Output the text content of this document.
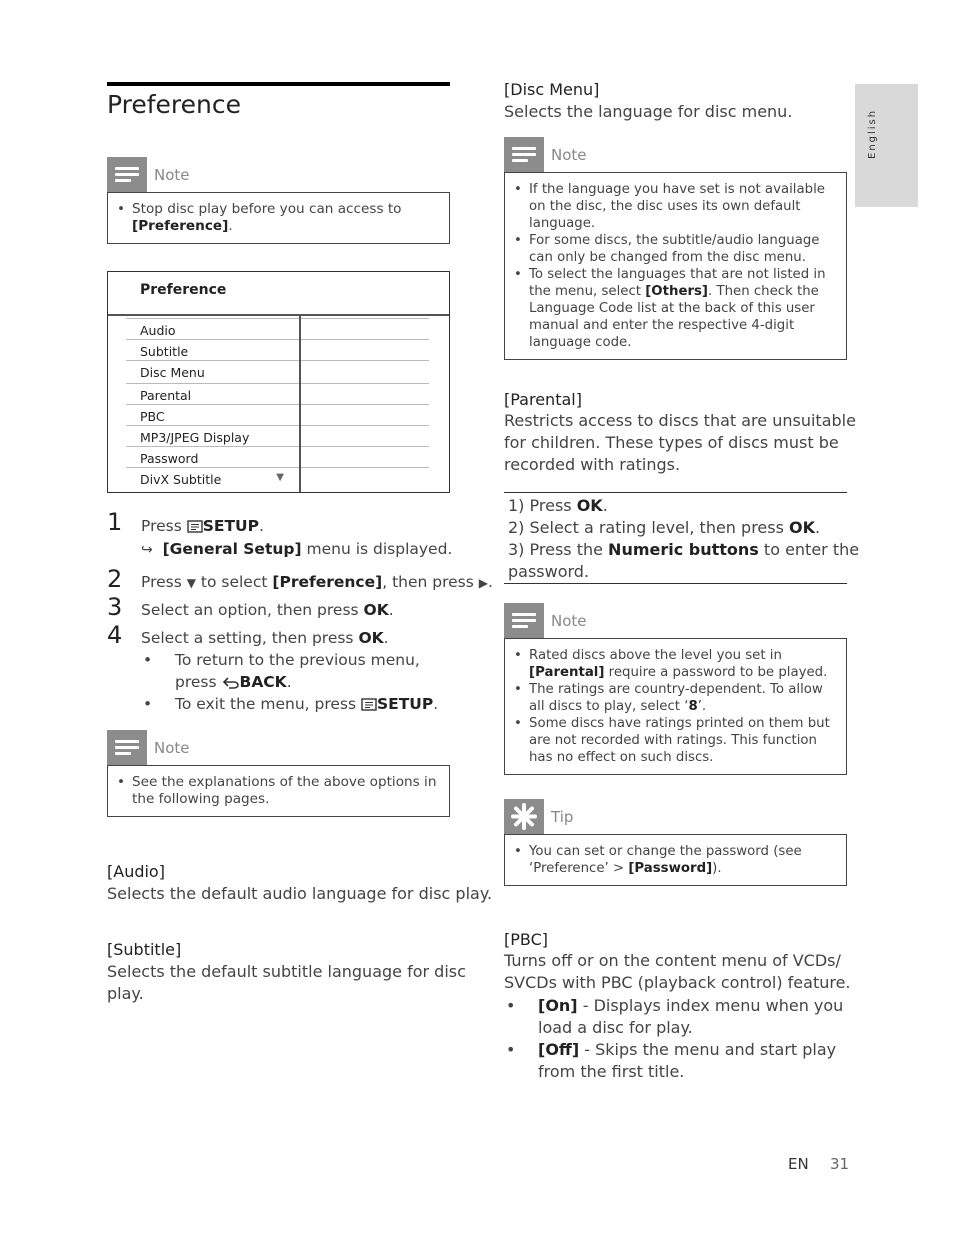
English
Preference
Note
• Stop disc play before you can access to [Preference].
Preference
Audio
Subtitle
Disc Menu
Parental
PBC
MP3/JPEG Display
Password
DivX Subtitle	▼
1 Press SETUP.
↪ [General Setup] menu is displayed.
2 Press ▼ to select [Preference], then press ▶.
3 Select an option, then press OK.
4 Select a setting, then press OK.
• To return to the previous menu,
press BACK.
• To exit the menu, press SETUP.
Note
• See the explanations of the above options in the following pages.
[Audio]
Selects the default audio language for disc play.
[Subtitle]
Selects the default subtitle language for disc
play.
[Disc Menu]
Selects the language for disc menu.
Note
• If the language you have set is not available on the disc, the disc uses its own default language.
• For some discs, the subtitle/audio language can only be changed from the disc menu.
• To select the languages that are not listed in the menu, select [Others]. Then check the Language Code list at the back of this user manual and enter the respective 4-digit language code.
[Parental]
Restricts access to discs that are unsuitable
for children. These types of discs must be
recorded with ratings.
1) Press OK.
2) Select a rating level, then press OK.
3) Press the Numeric buttons to enter the
password.
Note
• Rated discs above the level you set in [Parental] require a password to be played.
• The ratings are country-dependent. To allow all discs to play, select ‘8’.
• Some discs have ratings printed on them but are not recorded with ratings. This function has no effect on such discs.
Tip
• You can set or change the password (see ‘Preference’ > [Password]).
[PBC]
Turns off or on the content menu of VCDs/
SVCDs with PBC (playback control) feature.
• [On] - Displays index menu when you
load a disc for play.
• [Off] - Skips the menu and start play
from the first title.
EN 31
